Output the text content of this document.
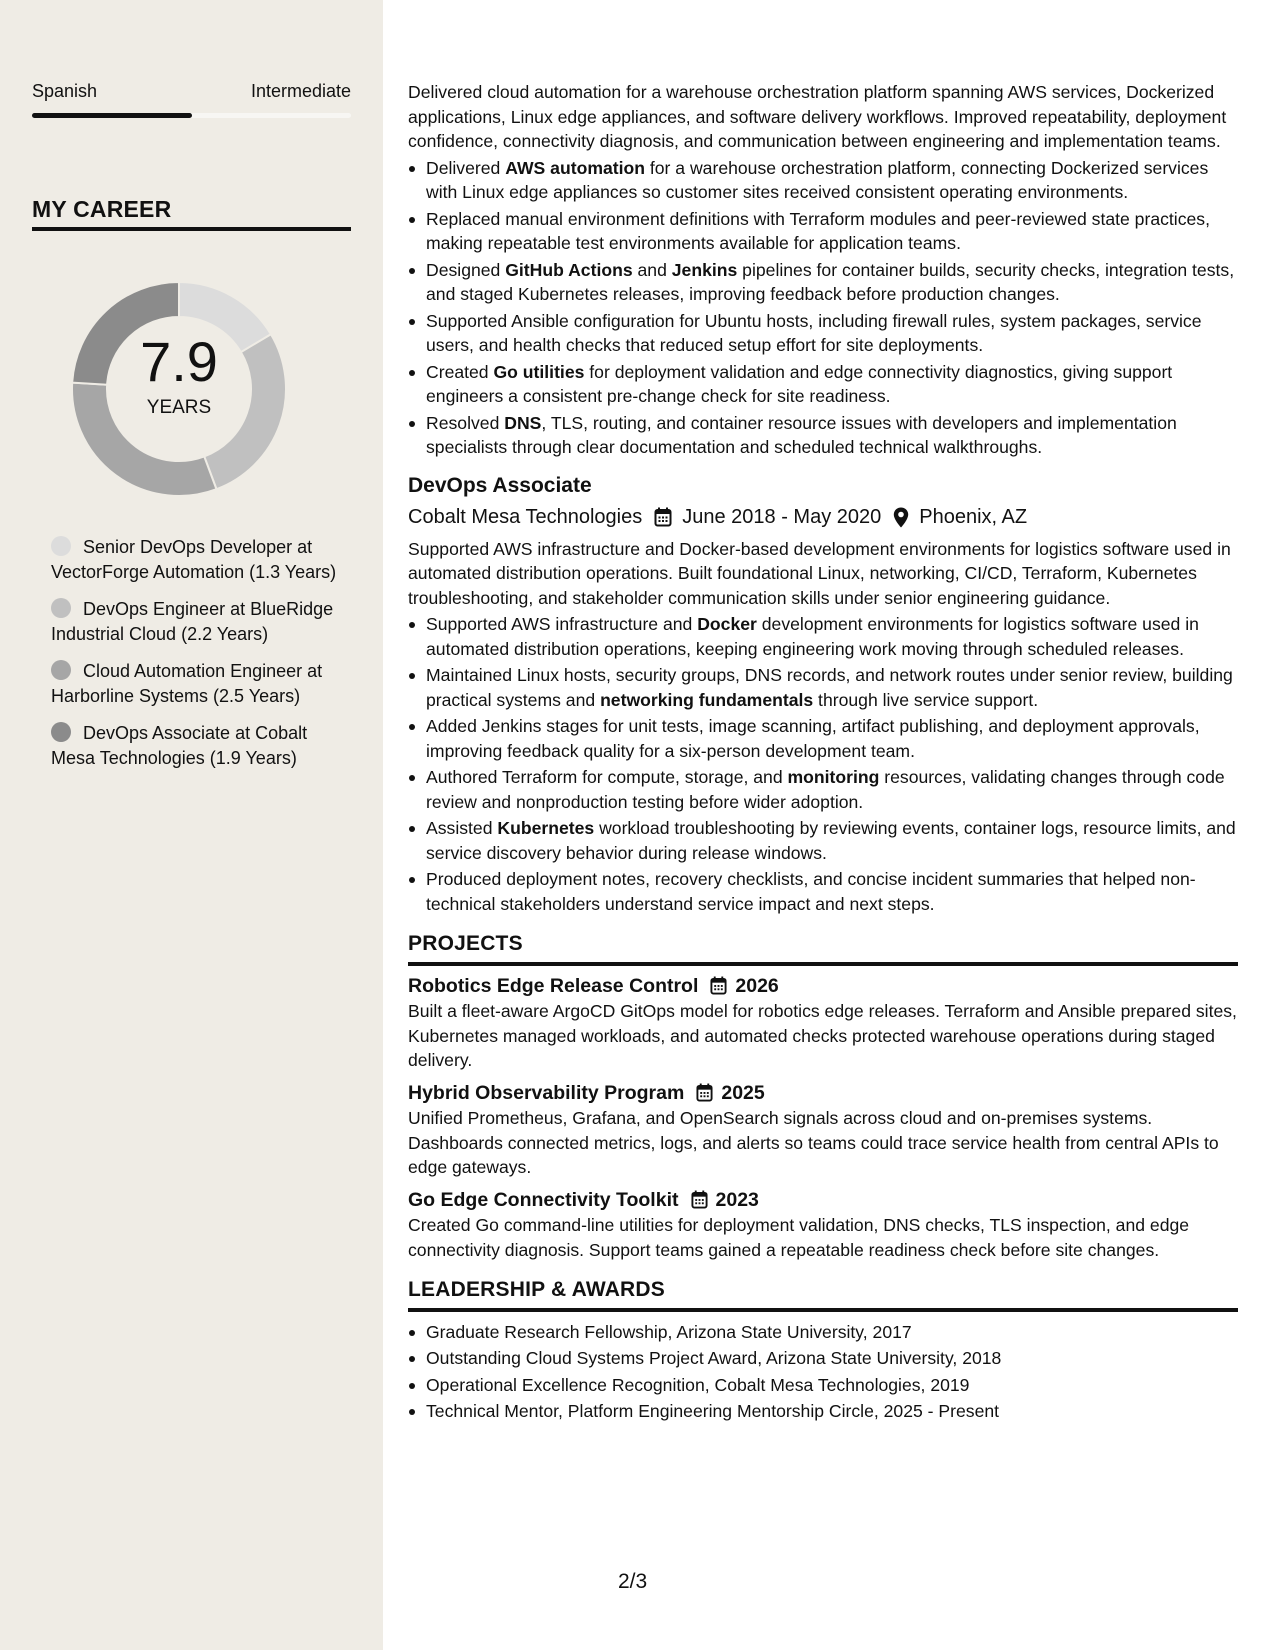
Spanish	Intermediate
MY CAREER
7.9
YEARS
Senior DevOps Developer at VectorForge Automation (1.3 Years)
DevOps Engineer at BlueRidge Industrial Cloud (2.2 Years)
Cloud Automation Engineer at Harborline Systems (2.5 Years)
DevOps Associate at Cobalt Mesa Technologies (1.9 Years)

Delivered cloud automation for a warehouse orchestration platform spanning AWS services, Dockerized applications, Linux edge appliances, and software delivery workflows. Improved repeatability, deployment confidence, connectivity diagnosis, and communication between engineering and implementation teams.

Delivered AWS automation for a warehouse orchestration platform, connecting Dockerized services with Linux edge appliances so customer sites received consistent operating environments.
Replaced manual environment definitions with Terraform modules and peer-reviewed state practices, making repeatable test environments available for application teams.
Designed GitHub Actions and Jenkins pipelines for container builds, security checks, integration tests, and staged Kubernetes releases, improving feedback before production changes.
Supported Ansible configuration for Ubuntu hosts, including firewall rules, system packages, service users, and health checks that reduced setup effort for site deployments.
Created Go utilities for deployment validation and edge connectivity diagnostics, giving support engineers a consistent pre-change check for site readiness.
Resolved DNS, TLS, routing, and container resource issues with developers and implementation specialists through clear documentation and scheduled technical walkthroughs.
DevOps Associate
Cobalt Mesa Technologies June 2018 - May 2020 Phoenix, AZ

Supported AWS infrastructure and Docker-based development environments for logistics software used in automated distribution operations. Built foundational Linux, networking, CI/CD, Terraform, Kubernetes troubleshooting, and stakeholder communication skills under senior engineering guidance.

Supported AWS infrastructure and Docker development environments for logistics software used in automated distribution operations, keeping engineering work moving through scheduled releases.
Maintained Linux hosts, security groups, DNS records, and network routes under senior review, building practical systems and networking fundamentals through live service support.
Added Jenkins stages for unit tests, image scanning, artifact publishing, and deployment approvals, improving feedback quality for a six-person development team.
Authored Terraform for compute, storage, and monitoring resources, validating changes through code review and nonproduction testing before wider adoption.
Assisted Kubernetes workload troubleshooting by reviewing events, container logs, resource limits, and service discovery behavior during release windows.
Produced deployment notes, recovery checklists, and concise incident summaries that helped non-technical stakeholders understand service impact and next steps.
PROJECTS
Robotics Edge Release Control 2026

Built a fleet-aware ArgoCD GitOps model for robotics edge releases. Terraform and Ansible prepared sites, Kubernetes managed workloads, and automated checks protected warehouse operations during staged delivery.

Hybrid Observability Program 2025

Unified Prometheus, Grafana, and OpenSearch signals across cloud and on-premises systems. Dashboards connected metrics, logs, and alerts so teams could trace service health from central APIs to edge gateways.

Go Edge Connectivity Toolkit 2023

Created Go command-line utilities for deployment validation, DNS checks, TLS inspection, and edge connectivity diagnosis. Support teams gained a repeatable readiness check before site changes.

LEADERSHIP & AWARDS
Graduate Research Fellowship, Arizona State University, 2017
Outstanding Cloud Systems Project Award, Arizona State University, 2018
Operational Excellence Recognition, Cobalt Mesa Technologies, 2019
Technical Mentor, Platform Engineering Mentorship Circle, 2025 - Present
2/3
